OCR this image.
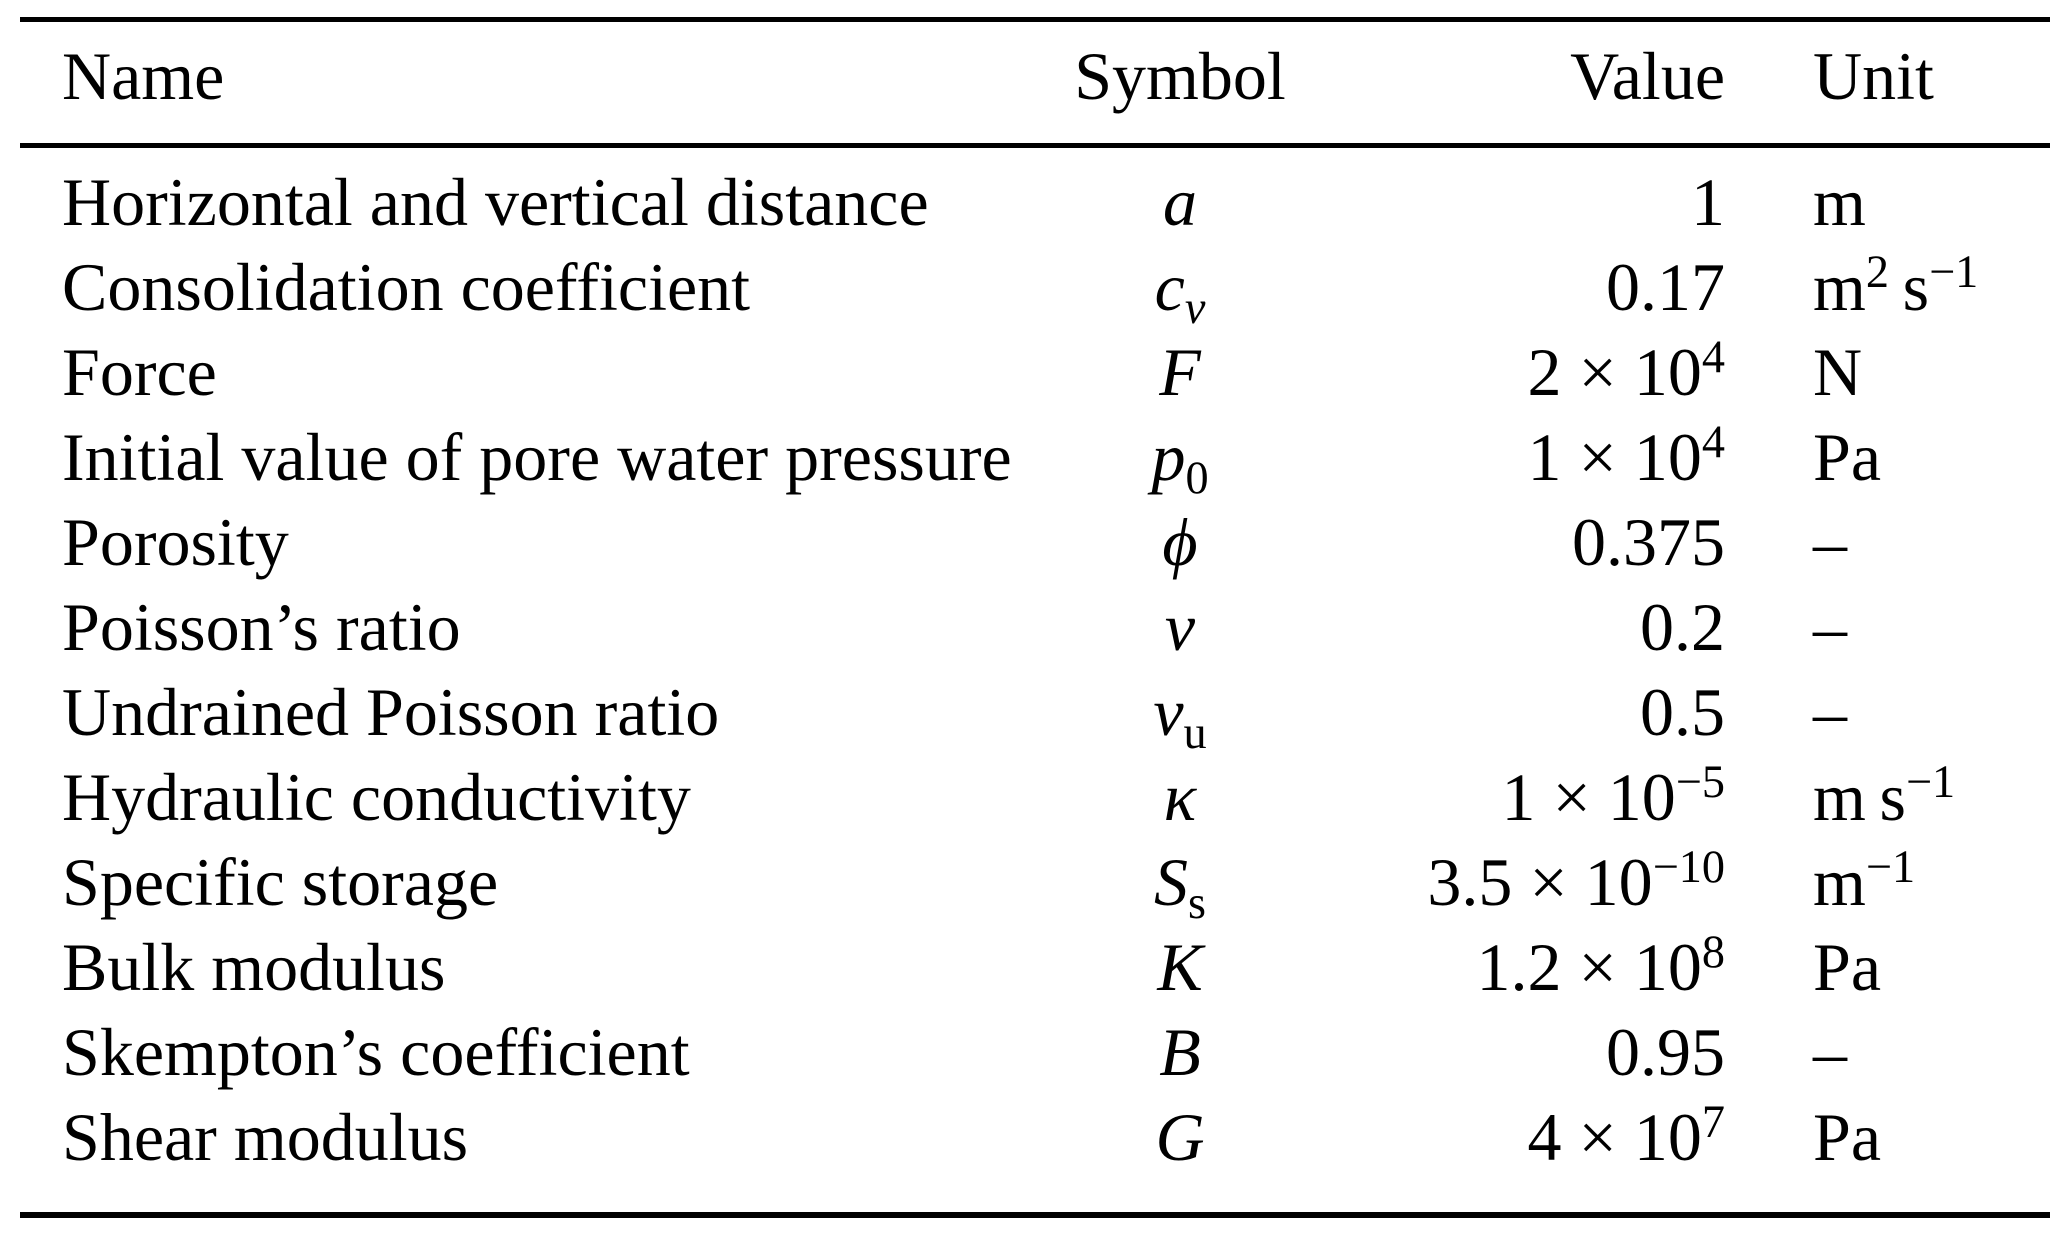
Name	Symbol	Value	Unit
Horizontal and vertical distance	a	1	m
Consolidation coefficient	$c_v$	0.17	$m^2$ $s^{-1}$
Force	F	$2 \times 10^4$	N
Initial value of pore water pressure	$p_0$	$1 \times 10^4$	Pa
Porosity	ϕ	0.375	–
Poisson’s ratio	ν	0.2	–
Undrained Poisson ratio	$\nu_u$	0.5	–
Hydraulic conductivity	κ	$1 \times 10^{-5}$	m $s^{-1}$
Specific storage	$S_s$	$3.5 \times 10^{-10}$	$m^{-1}$
Bulk modulus	K	$1.2 \times 10^8$	Pa
Skempton’s coefficient	B	0.95	–
Shear modulus	G	$4 \times 10^7$	Pa
